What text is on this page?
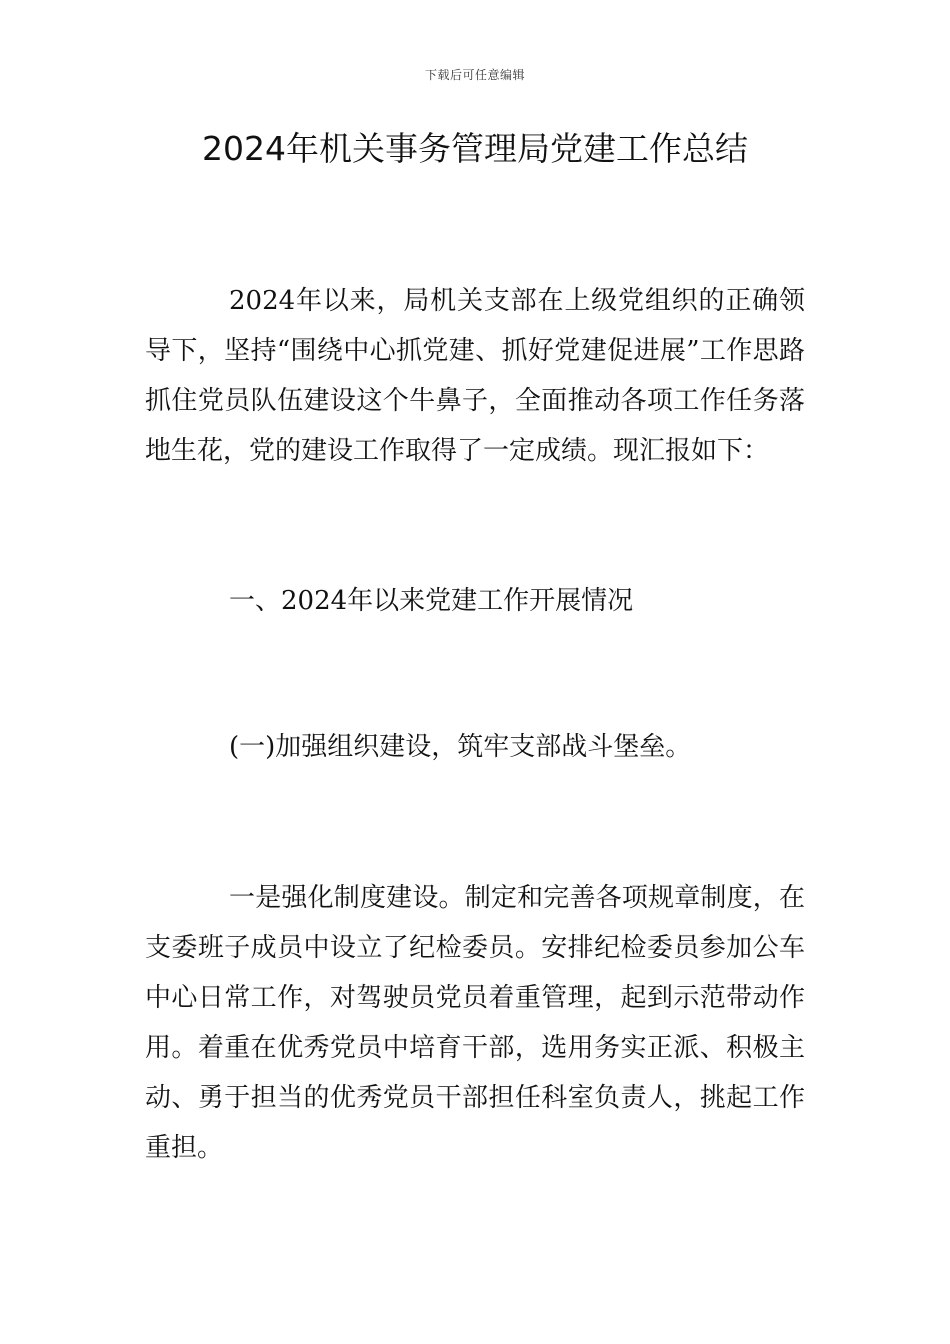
下载后可任意编辑
2024年机关事务管理局党建工作总结

2024年以来，局机关支部在上级党组织的正确领导下，坚持“围绕中心抓党建、抓好党建促进展”工作思路抓住党员队伍建设这个牛鼻子，全面推动各项工作任务落地生花，党的建设工作取得了一定成绩。现汇报如下：

一、2024年以来党建工作开展情况

(一)加强组织建设，筑牢支部战斗堡垒。

一是强化制度建设。制定和完善各项规章制度，在支委班子成员中设立了纪检委员。安排纪检委员参加公车中心日常工作，对驾驶员党员着重管理，起到示范带动作用。着重在优秀党员中培育干部，选用务实正派、积极主动、勇于担当的优秀党员干部担任科室负责人，挑起工作重担。
